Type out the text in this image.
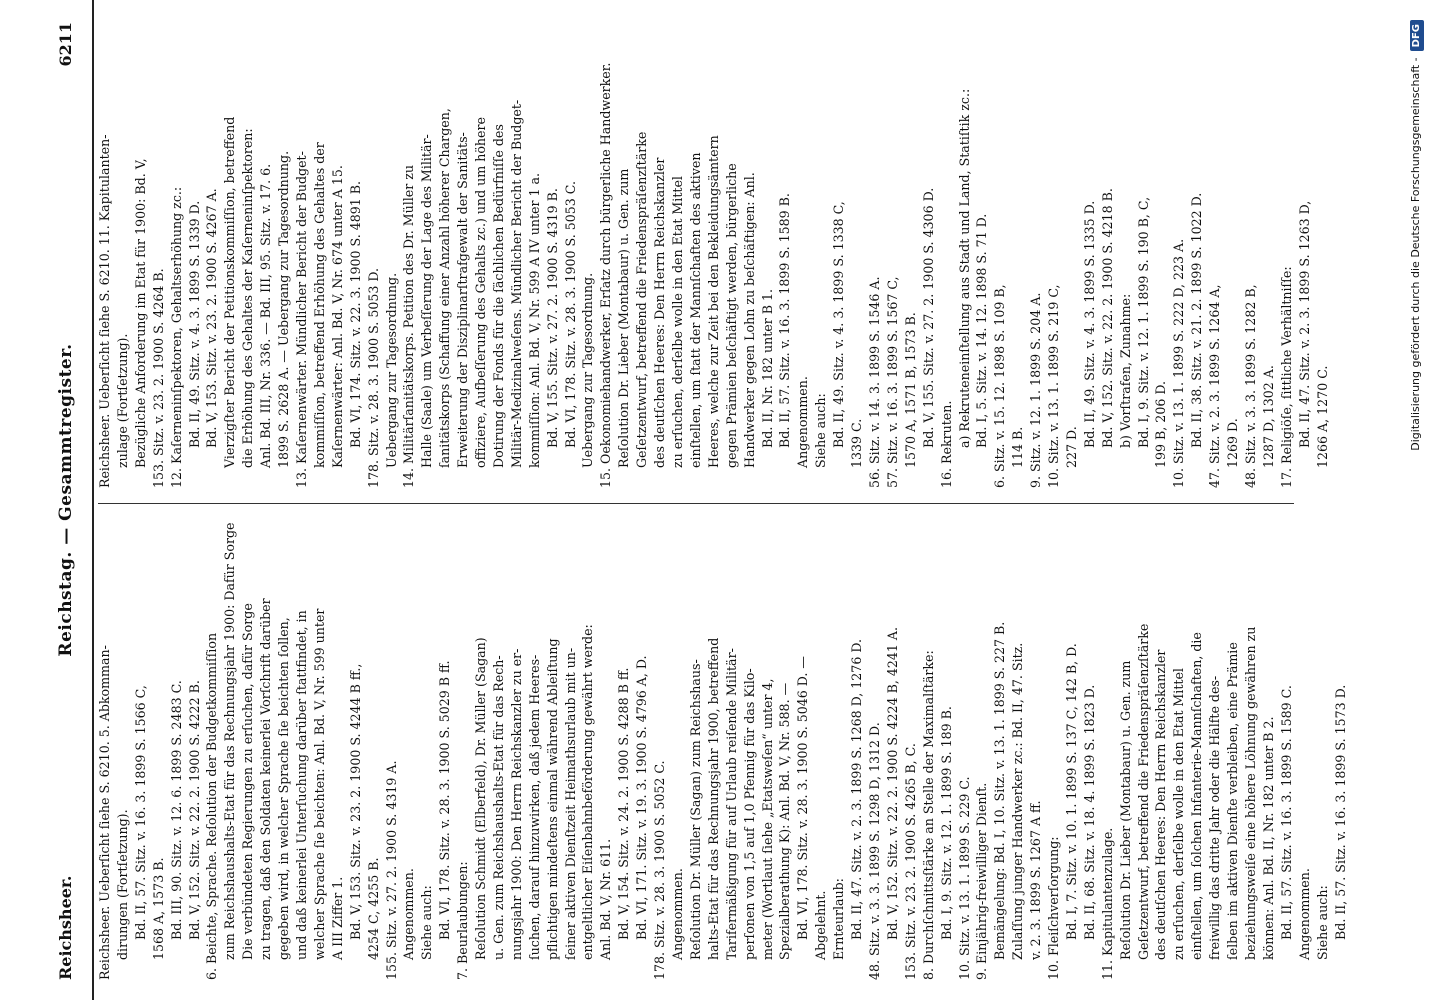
Reichsheer.
Reichstag. — Gesammtregister.
6211
Reichsheer. Ueberſicht ſiehe S. 6210. 5. Abkomman- dirungen (Fortſetzung). Bd. II, 57. Sitz. v. 16. 3. 1899 S. 1566 C, 1568 A, 1573 B. Bd. III, 90. Sitz. v. 12. 6. 1899 S. 2483 C. Bd. V, 152. Sitz. v. 22. 2. 1900 S. 4222 B. 6. Beichte, Sprache. Reſolution der Budgetkommiſſion zum Reichshaushalts-Etat für das Rechnungsjahr 1900: Dafür Sorge Die verbündeten Regierungen zu erſuchen, dafür Sorge zu tragen, daß den Soldaten keinerlei Vorſchrift darüber gegeben wird, in welcher Sprache ſie beichten ſollen, und daß keinerlei Unterſuchung darüber ſtattfindet, in welcher Sprache ſie beichten: Anl. Bd. V, Nr. 599 unter A III Ziffer 1. Bd. V, 153. Sitz. v. 23. 2. 1900 S. 4244 B ff., 4254 C, 4255 B. 155. Sitz. v. 27. 2. 1900 S. 4319 A. Angenommen. Siehe auch: Bd. VI, 178. Sitz. v. 28. 3. 1900 S. 5029 B ff. 7. Beurlaubungen: Reſolution Schmidt (Elberfeld), Dr. Müller (Sagan) u. Gen. zum Reichshaushalts-Etat für das Rech- nungsjahr 1900: Den Herrn Reichskanzler zu er- ſuchen, darauf hinzuwirken, daß jedem Heeres- pflichtigen mindeſtens einmal während Ableiſtung ſeiner aktiven Dienſtzeit Heimathsurlaub mit un- entgeltlicher Eiſenbahnbeförderung gewährt werde: Anl. Bd. V, Nr. 611. Bd. V, 154. Sitz. v. 24. 2. 1900 S. 4288 B ff. Bd. VI, 171. Sitz. v. 19. 3. 1900 S. 4796 A, D. 178. Sitz. v. 28. 3. 1900 S. 5052 C. Angenommen. Reſolution Dr. Müller (Sagan) zum Reichshaus- halts-Etat für das Rechnungsjahr 1900, betreffend Tarifermäßigung für auf Urlaub reiſende Militär- perſonen von 1,5 auf 1,0 Pfennig für das Kilo- meter (Wortlaut ſiehe „Etatsweſen“ unter 4, Spezialberathung K): Anl. Bd. V, Nr. 588. — Bd. VI, 178. Sitz. v. 28. 3. 1900 S. 5046 D. — Abgelehnt. Ernteurlaub: Bd. II, 47. Sitz. v. 2. 3. 1899 S. 1268 D, 1276 D. 48. Sitz. v. 3. 3. 1899 S. 1298 D, 1312 D. Bd. V, 152. Sitz. v. 22. 2. 1900 S. 4224 B, 4241 A. 153. Sitz. v. 23. 2. 1900 S. 4265 B, C. 8. Durchſchnittsſtärke an Stelle der Maximalſtärke: Bd. I, 9. Sitz. v. 12. 1. 1899 S. 189 B. 10. Sitz. v. 13. 1. 1899 S. 229 C. 9. Einjährig-freiwilliger Dienſt. Bemängelung: Bd. I, 10. Sitz. v. 13. 1. 1899 S. 227 B. Zulaſſung junger Handwerker zc.: Bd. II, 47. Sitz. v. 2. 3. 1899 S. 1267 A ff. 10. Fleiſchverſorgung: Bd. I, 7. Sitz. v. 10. 1. 1899 S. 137 C, 142 B, D. Bd. II, 68. Sitz. v. 18. 4. 1899 S. 1823 D. 11. Kapitulantenzulage. Reſolution Dr. Lieber (Montabaur) u. Gen. zum Geſetzentwurf, betreffend die Friedenspräſenzſtärke des deutſchen Heeres: Den Herrn Reichskanzler zu erſuchen, derſelbe wolle in den Etat Mittel einſtellen, um ſolchen Infanterie-Mannſchaften, die freiwillig das dritte Jahr oder die Hälfte des- ſelben im aktiven Dienſte verbleiben, eine Prämie beziehungsweiſe eine höhere Löhnung gewähren zu können: Anl. Bd. II, Nr. 182 unter B 2. Bd. II, 57. Sitz. v. 16. 3. 1899 S. 1589 C. Angenommen. Siehe auch: Bd. II, 57. Sitz. v. 16. 3. 1899 S. 1573 D.
Reichsheer. Ueberſicht ſiehe S. 6210. 11. Kapitulanten- zulage (Fortſetzung). Bezügliche Anforderung im Etat für 1900: Bd. V, 153. Sitz. v. 23. 2. 1900 S. 4264 B. 12. Kaſerneninſpektoren, Gehaltserhöhung zc.: Bd. II, 49. Sitz. v. 4. 3. 1899 S. 1339 D. Bd. V, 153. Sitz. v. 23. 2. 1900 S. 4267 A. Vierzigſter Bericht der Petitionskommiſſion, betreffend die Erhöhung des Gehaltes der Kaſerneninſpektoren: Anl. Bd. III, Nr. 336. — Bd. III, 95. Sitz. v. 17. 6. 1899 S. 2628 A. — Uebergang zur Tagesordnung. 13. Kaſernenwärter. Mündlicher Bericht der Budget- kommiſſion, betreffend Erhöhung des Gehaltes der Kaſernenwärter: Anl. Bd. V, Nr. 674 unter A 15. Bd. VI, 174. Sitz. v. 22. 3. 1900 S. 4891 B. 178. Sitz. v. 28. 3. 1900 S. 5053 D. Uebergang zur Tagesordnung. 14. Militärſanitätskorps. Petition des Dr. Müller zu Halle (Saale) um Verbeſſerung der Lage des Militär- ſanitätskorps (Schaffung einer Anzahl höherer Chargen, Erweiterung der Disziplinarſtrafgewalt der Sanitäts- offiziere, Aufbeſſerung des Gehalts zc.) und um höhere Dotirung der Fonds für die ſächlichen Bedürfniſſe des Militär-Medizinalweſens. Mündlicher Bericht der Budget- kommiſſion: Anl. Bd. V, Nr. 599 A IV unter 1 a. Bd. V, 155. Sitz. v. 27. 2. 1900 S. 4319 B. Bd. VI, 178. Sitz. v. 28. 3. 1900 S. 5053 C. Uebergang zur Tagesordnung. 15. Oekonomiehandwerker, Erſatz durch bürgerliche Handwerker. Reſolution Dr. Lieber (Montabaur) u. Gen. zum Geſetzentwurf, betreffend die Friedenspräſenzſtärke des deutſchen Heeres: Den Herrn Reichskanzler zu erſuchen, derſelbe wolle in den Etat Mittel einſtellen, um ſtatt der Mannſchaften des aktiven Heeres, welche zur Zeit bei den Bekleidungsämtern gegen Prämien beſchäftigt werden, bürgerliche Handwerker gegen Lohn zu beſchäftigen: Anl. Bd. II, Nr. 182 unter B 1. Bd. II, 57. Sitz. v. 16. 3. 1899 S. 1589 B. Angenommen. Siehe auch: Bd. II, 49. Sitz. v. 4. 3. 1899 S. 1338 C, 1339 C. 56. Sitz. v. 14. 3. 1899 S. 1546 A. 57. Sitz. v. 16. 3. 1899 S. 1567 C, 1570 A, 1571 B, 1573 B. Bd. V, 155. Sitz. v. 27. 2. 1900 S. 4306 D. 16. Rekruten. a) Rekruteneinſtellung aus Stadt und Land, Statiſtik zc.: Bd. I, 5. Sitz. v. 14. 12. 1898 S. 71 D. 6. Sitz. v. 15. 12. 1898 S. 109 B, 114 B. 9. Sitz. v. 12. 1. 1899 S. 204 A. 10. Sitz. v. 13. 1. 1899 S. 219 C, 227 D. Bd. II, 49. Sitz. v. 4. 3. 1899 S. 1335 D. Bd. V, 152. Sitz. v. 22. 2. 1900 S. 4218 B. b) Vorſtrafen, Zunahme: Bd. I, 9. Sitz. v. 12. 1. 1899 S. 190 B, C, 199 B, 206 D. 10. Sitz. v. 13. 1. 1899 S. 222 D, 223 A. Bd. II, 38. Sitz. v. 21. 2. 1899 S. 1022 D. 47. Sitz. v. 2. 3. 1899 S. 1264 A, 1269 D. 48. Sitz. v. 3. 3. 1899 S. 1282 B, 1287 D, 1302 A. 17. Religiöſe, ſittliche Verhältniſſe: Bd. II, 47. Sitz. v. 2. 3. 1899 S. 1263 D, 1266 A, 1270 C.	Digitalisierung gefördert durch die Deutsche Forschungsgemeinschaft -DFG
